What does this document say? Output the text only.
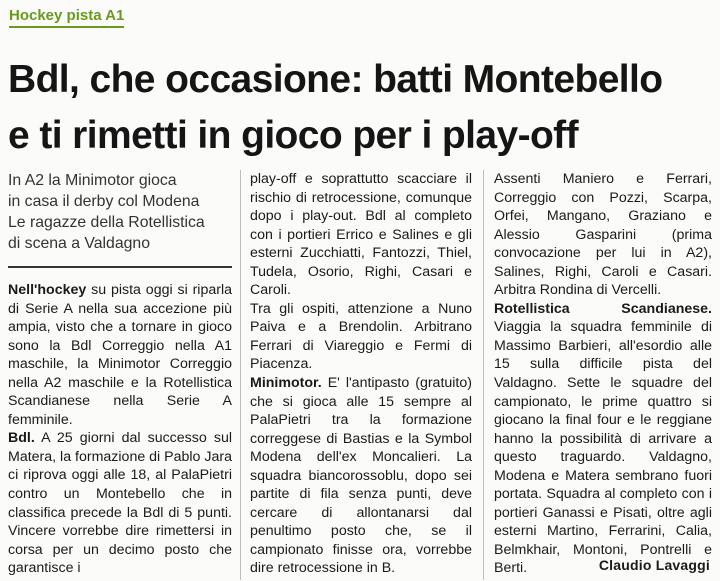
Hockey pista A1
Bdl, che occasione: batti Montebello
e ti rimetti in gioco per i play-off
In A2 la Minimotor gioca
in casa il derby col Modena
Le ragazze della Rotellistica
di scena a Valdagno

Nell'hockey su pista oggi si riparla di Serie A nella sua accezione più ampia, visto che a tornare in gioco sono la Bdl Correggio nella A1 maschile, la Minimotor Correggio nella A2 maschile e la Rotellistica Scandianese nella Serie A femminile.

Bdl. A 25 giorni dal successo sul Matera, la formazione di Pablo Jara ci riprova oggi alle 18, al PalaPietri contro un Montebello che in classifica precede la Bdl di 5 punti. Vincere vorrebbe dire rimettersi in corsa per un decimo posto che garantisce i

play-off e soprattutto scacciare il rischio di retrocessione, comunque dopo i play-out. Bdl al completo con i portieri Errico e Salines e gli esterni Zucchiatti, Fantozzi, Thiel, Tudela, Osorio, Righi, Casari e Caroli.

Tra gli ospiti, attenzione a Nuno Paiva e a Brendolin. Arbitrano Ferrari di Viareggio e Fermi di Piacenza.

Minimotor. E' l'antipasto (gratuito) che si gioca alle 15 sempre al PalaPietri tra la formazione correggese di Bastias e la Symbol Modena dell'ex Moncalieri. La squadra biancorossoblu, dopo sei partite di fila senza punti, deve cercare di allontanarsi dal penultimo posto che, se il campionato finisse ora, vorrebbe dire retrocessione in B.

Assenti Maniero e Ferrari, Correggio con Pozzi, Scarpa, Orfei, Mangano, Graziano e Alessio Gasparini (prima convocazione per lui in A2), Salines, Righi, Caroli e Casari. Arbitra Rondina di Vercelli.

Rotellistica Scandianese. Viaggia la squadra femminile di Massimo Barbieri, all'esordio alle 15 sulla difficile pista del Valdagno. Sette le squadre del campionato, le prime quattro si giocano la final four e le reggiane hanno la possibilità di arrivare a questo traguardo. Valdagno, Modena e Matera sembrano fuori portata. Squadra al completo con i portieri Ganassi e Pisati, oltre agli esterni Martino, Ferrarini, Calia, Belmkhair, Montoni, Pontrelli e Berti.	Claudio Lavaggi
